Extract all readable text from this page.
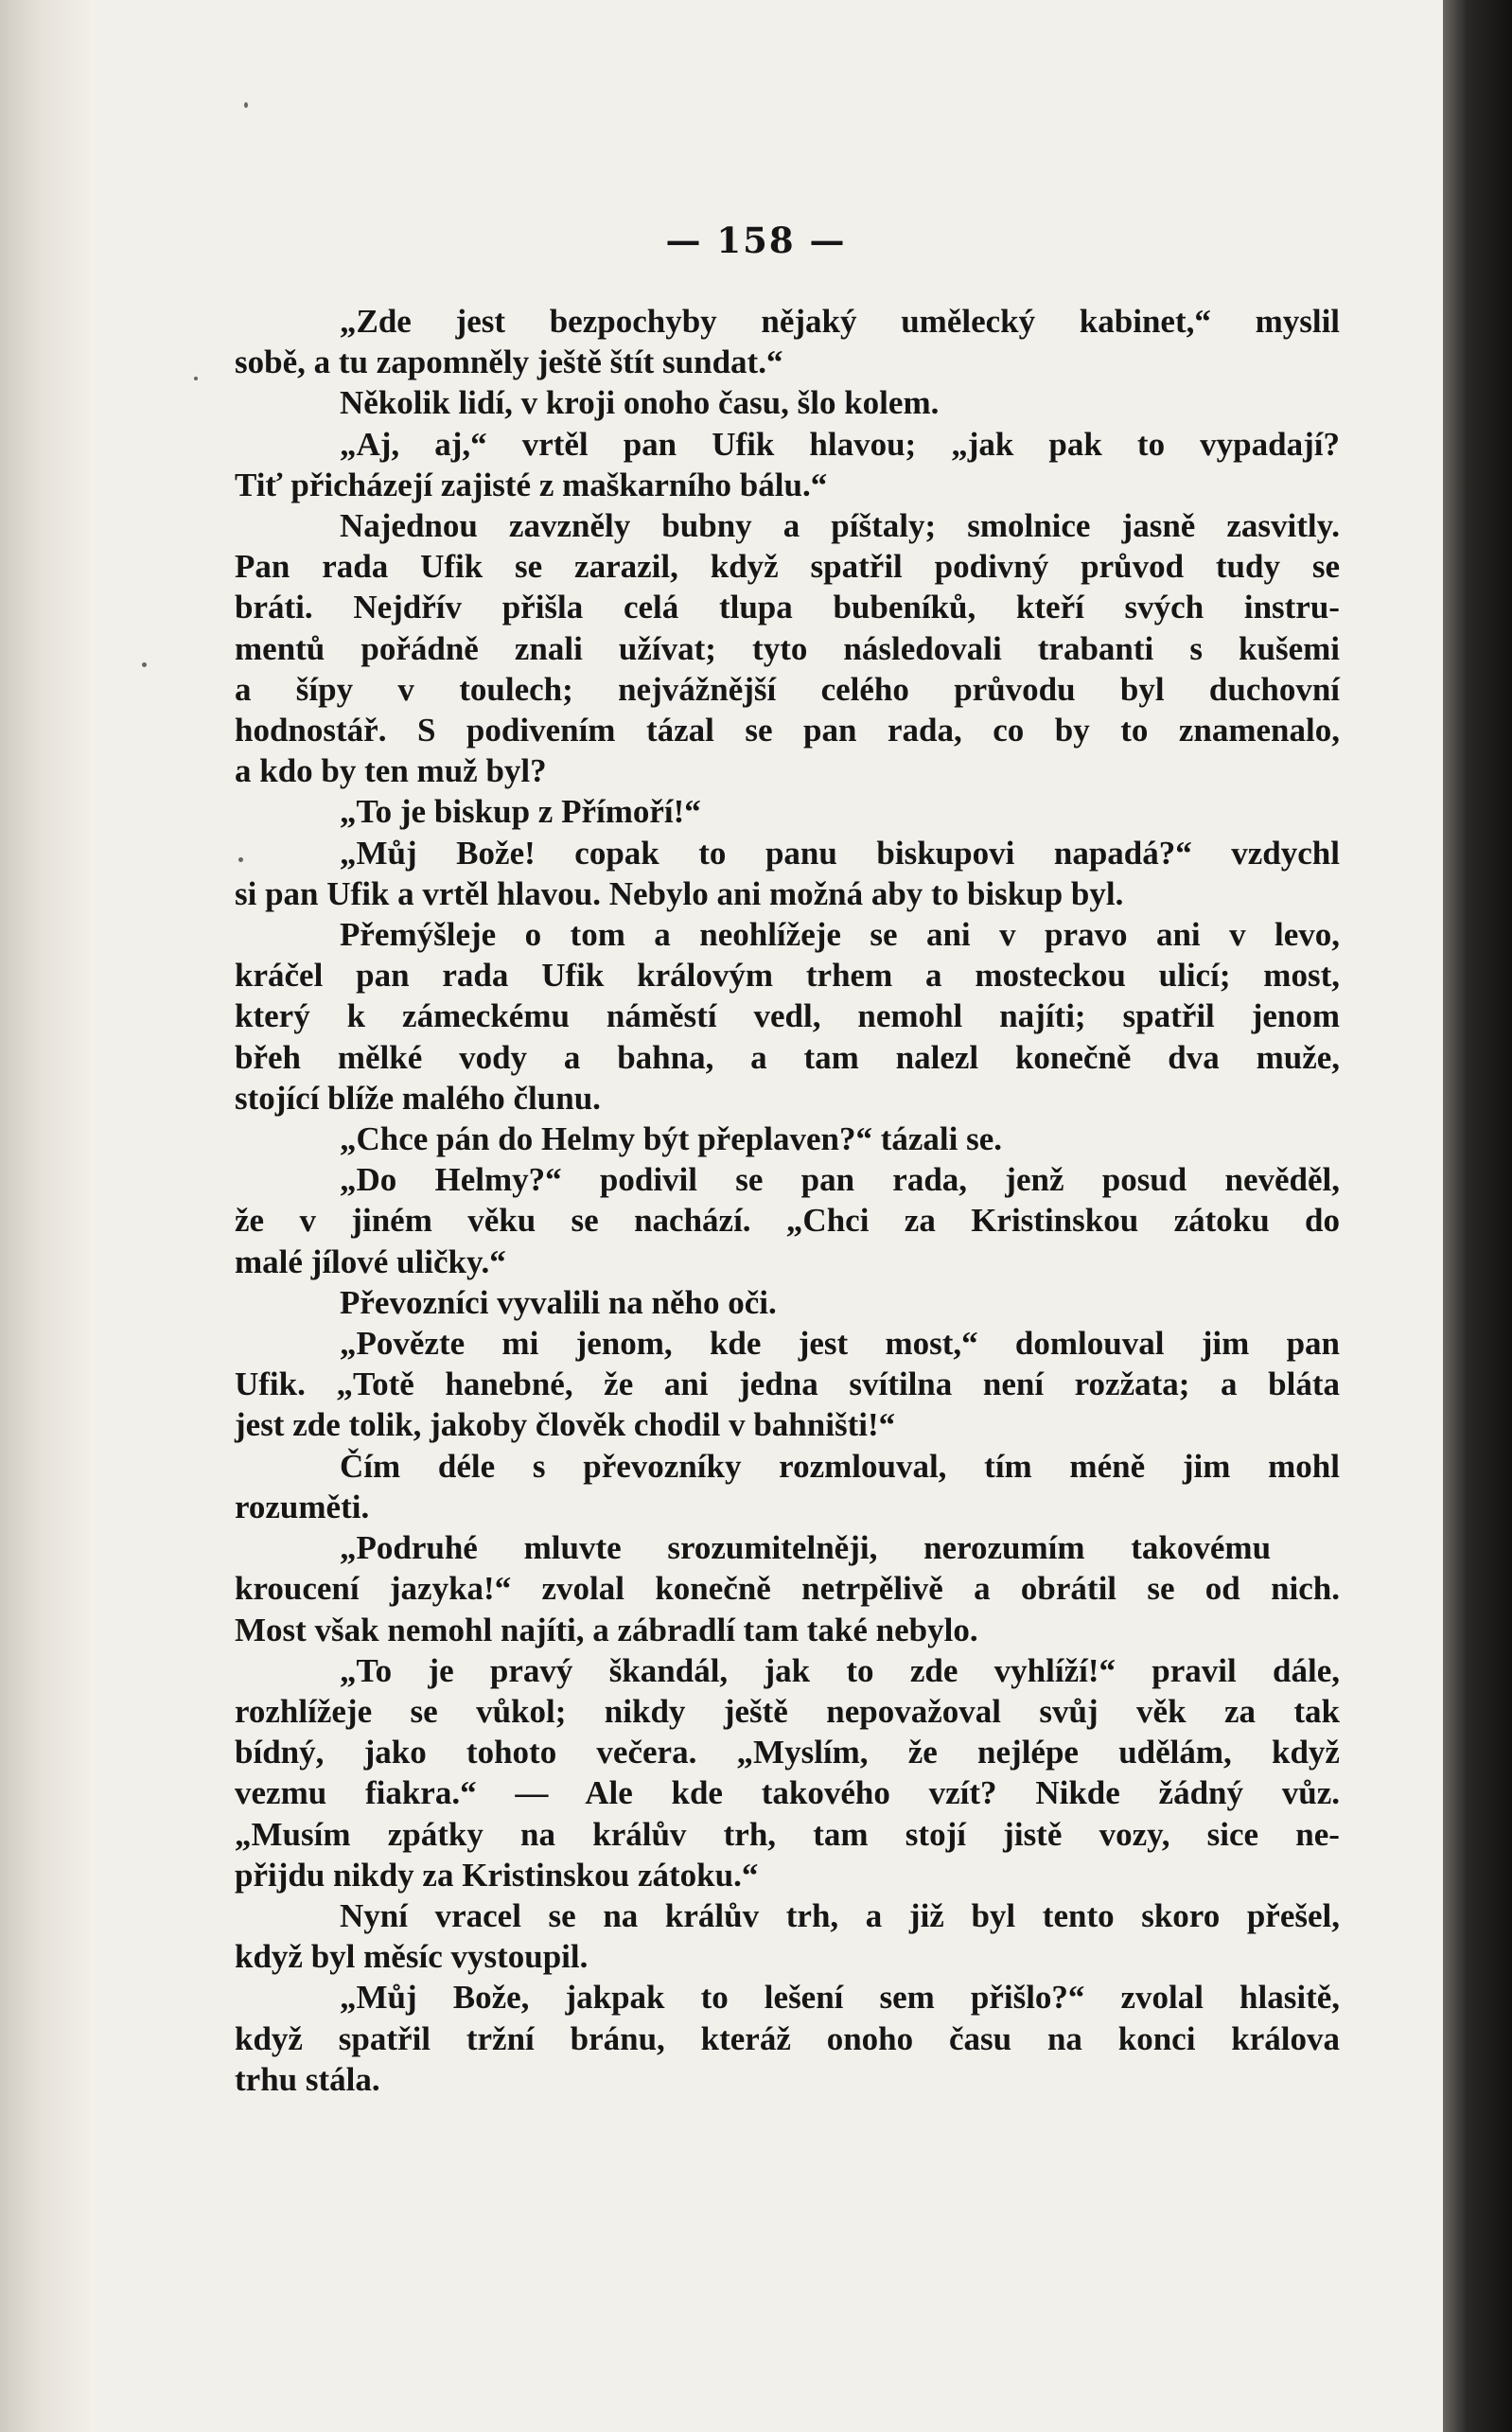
— 158 —

„Zde jest bezpochyby nějaký umělecký kabinet,“ myslil

sobě, a tu zapomněly ještě štít sundat.“

Několik lidí, v kroji onoho času, šlo kolem.

„Aj, aj,“ vrtěl pan Ufik hlavou; „jak pak to vypadají?

Tiť přicházejí zajisté z maškarního bálu.“

Najednou zavzněly bubny a píštaly; smolnice jasně zasvitly.

Pan rada Ufik se zarazil, když spatřil podivný průvod tudy se

bráti. Nejdřív přišla celá tlupa bubeníků, kteří svých instru-

mentů pořádně znali užívat; tyto následovali trabanti s kušemi

a šípy v toulech; nejvážnější celého průvodu byl duchovní

hodnostář. S podivením tázal se pan rada, co by to znamenalo,

a kdo by ten muž byl?

„To je biskup z Přímoří!“

„Můj Bože! copak to panu biskupovi napadá?“ vzdychl

si pan Ufik a vrtěl hlavou. Nebylo ani možná aby to biskup byl.

Přemýšleje o tom a neohlížeje se ani v pravo ani v levo,

kráčel pan rada Ufik královým trhem a mosteckou ulicí; most,

který k zámeckému náměstí vedl, nemohl najíti; spatřil jenom

břeh mělké vody a bahna, a tam nalezl konečně dva muže,

stojící blíže malého člunu.

„Chce pán do Helmy být přeplaven?“ tázali se.

„Do Helmy?“ podivil se pan rada, jenž posud nevěděl,

že v jiném věku se nachází. „Chci za Kristinskou zátoku do

malé jílové uličky.“

Převozníci vyvalili na něho oči.

„Povězte mi jenom, kde jest most,“ domlouval jim pan

Ufik. „Totě hanebné, že ani jedna svítilna není rozžata; a bláta

jest zde tolik, jakoby člověk chodil v bahništi!“

Čím déle s převozníky rozmlouval, tím méně jim mohl

rozuměti.

„Podruhé mluvte srozumitelněji, nerozumím takovému

kroucení jazyka!“ zvolal konečně netrpělivě a obrátil se od nich.

Most však nemohl najíti, a zábradlí tam také nebylo.

„To je pravý škandál, jak to zde vyhlíží!“ pravil dále,

rozhlížeje se vůkol; nikdy ještě nepovažoval svůj věk za tak

bídný, jako tohoto večera. „Myslím, že nejlépe udělám, když

vezmu fiakra.“ — Ale kde takového vzít? Nikde žádný vůz.

„Musím zpátky na králův trh, tam stojí jistě vozy, sice ne-

přijdu nikdy za Kristinskou zátoku.“

Nyní vracel se na králův trh, a již byl tento skoro přešel,

když byl měsíc vystoupil.

„Můj Bože, jakpak to lešení sem přišlo?“ zvolal hlasitě,

když spatřil tržní bránu, kteráž onoho času na konci králova

trhu stála.
